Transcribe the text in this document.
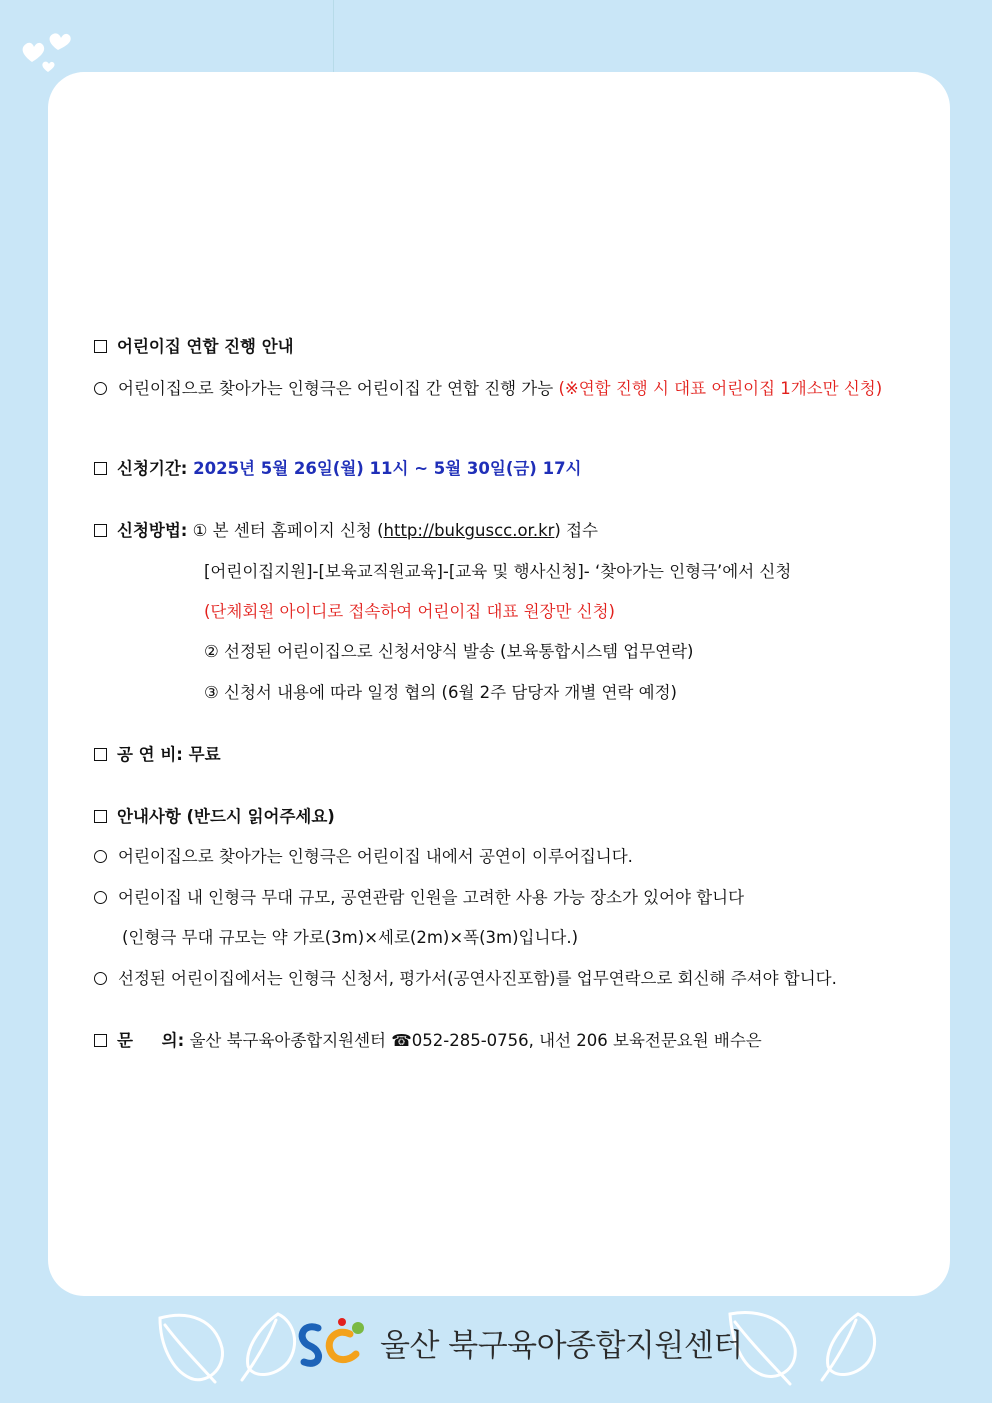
어린이집 연합 진행 안내
어린이집으로 찾아가는 인형극은 어린이집 간 연합 진행 가능 (※연합 진행 시 대표 어린이집 1개소만 신청)
신청기간: 2025년 5월 26일(월) 11시 ~ 5월 30일(금) 17시
신청방법: ① 본 센터 홈페이지 신청 (http://bukguscc.or.kr) 접수
[어린이집지원]-[보육교직원교육]-[교육 및 행사신청]- ‘찾아가는 인형극’에서 신청
(단체회원 아이디로 접속하여 어린이집 대표 원장만 신청)
② 선정된 어린이집으로 신청서양식 발송 (보육통합시스템 업무연락)
③ 신청서 내용에 따라 일정 협의 (6월 2주 담당자 개별 연락 예정)
공 연 비: 무료
안내사항 (반드시 읽어주세요)
어린이집으로 찾아가는 인형극은 어린이집 내에서 공연이 이루어집니다.
어린이집 내 인형극 무대 규모, 공연관람 인원을 고려한 사용 가능 장소가 있어야 합니다
(인형극 무대 규모는 약 가로(3m)×세로(2m)×폭(3m)입니다.)
선정된 어린이집에서는 인형극 신청서, 평가서(공연사진포함)를 업무연락으로 회신해 주셔야 합니다.
문     의: 울산 북구육아종합지원센터 ☎052-285-0756, 내선 206 보육전문요원 배수은
울산 북구육아종합지원센터
